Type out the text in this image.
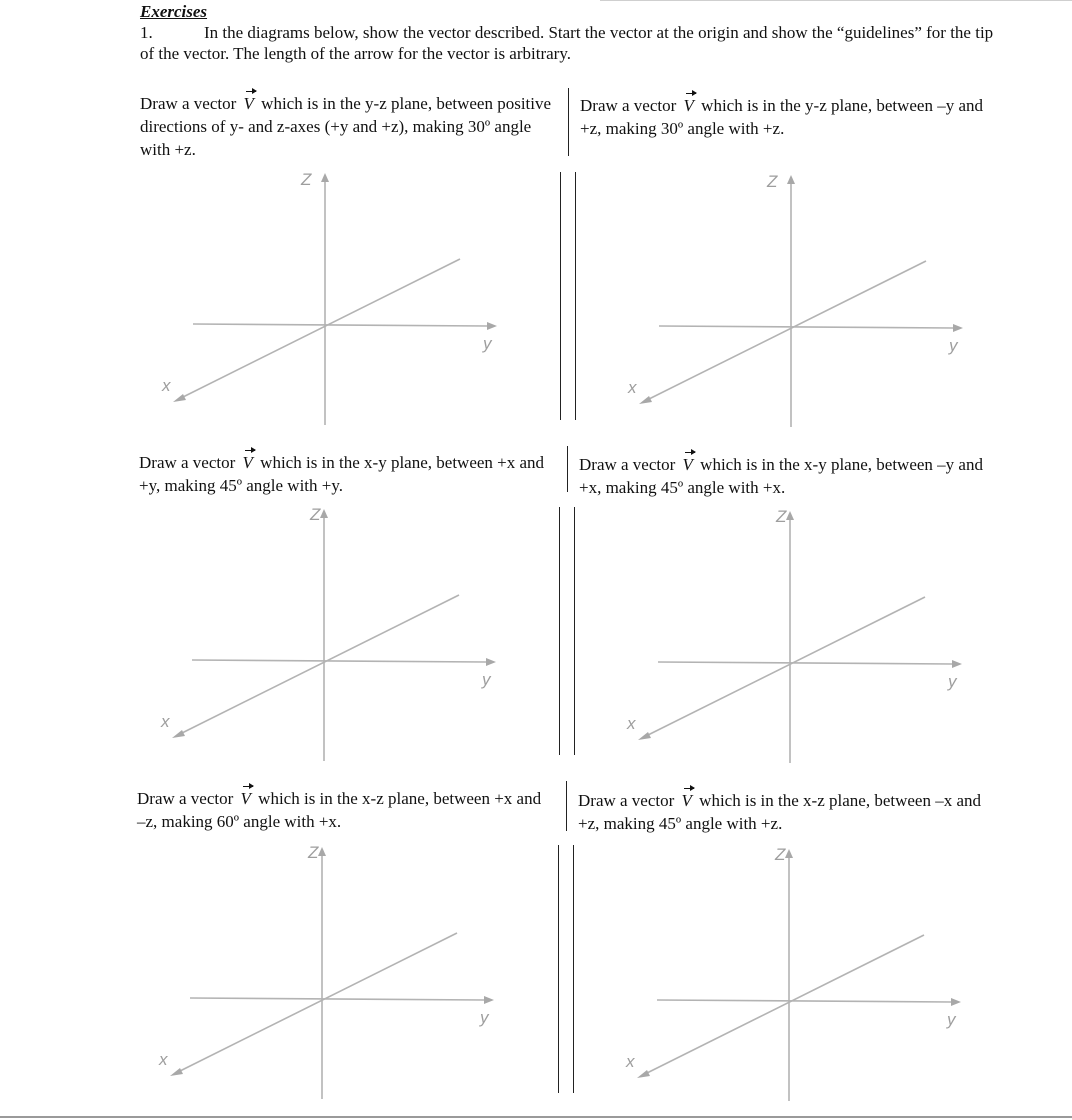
Exercises
1.	In the diagrams below, show the vector described. Start the vector at the origin and show the “guidelines” for the tip of the vector. The length of the arrow for the vector is arbitrary.
Draw a vector V which is in the y-z plane, between positive directions of y- and z-axes (+y and +z), making 30º angle with +z.
Draw a vector V which is in the y-z plane, between –y and +z, making 30º angle with +z.
Draw a vector V which is in the x-y plane, between +x and +y, making 45º angle with +y.
Draw a vector V which is in the x-y plane, between –y and +x, making 45º angle with +x.
Draw a vector V which is in the x-z plane, between +x and –z, making 60º angle with +x.
Draw a vector V which is in the x-z plane, between –x and +z, making 45º angle with +z.
Z
y
x
Z
y
x
Z
y
x
Z
y
x
Z
y
x
Z
y
x
